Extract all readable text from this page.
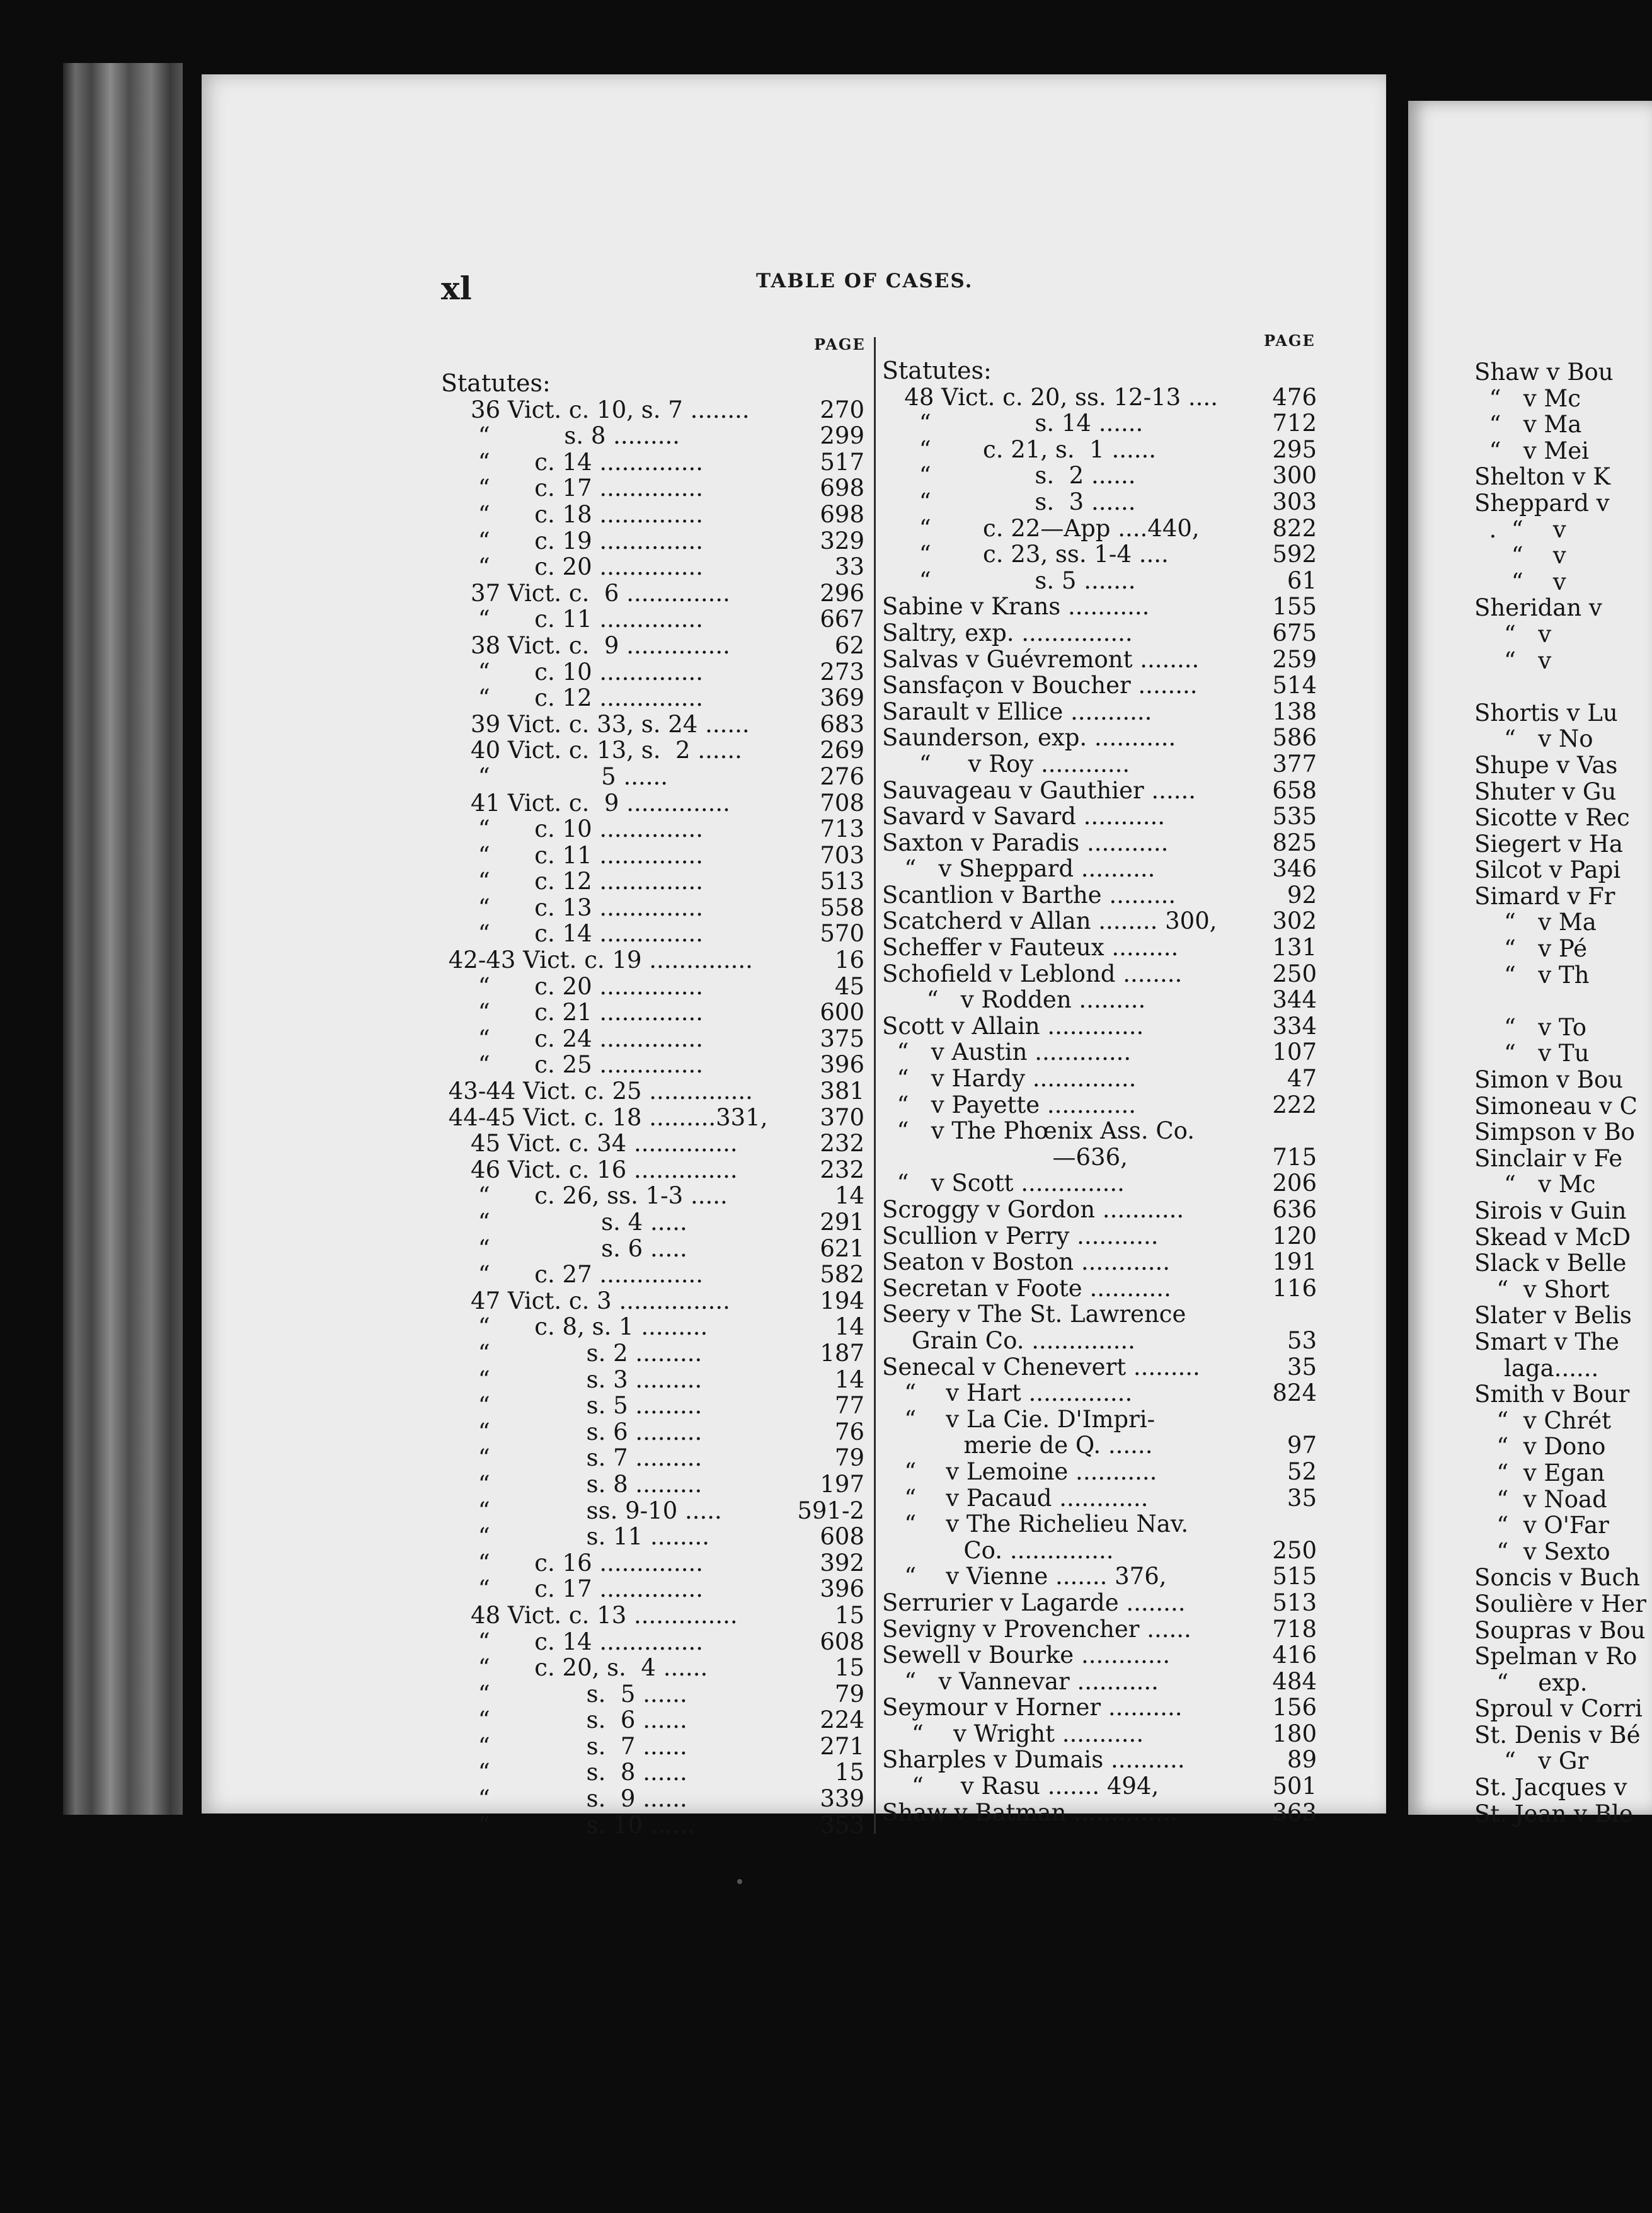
xl	TABLE OF CASES.
PAGE	PAGE
Statutes:
270
36 Vict. c. 10, s. 7 ........
299
“          s. 8 .........
517
“      c. 14 ..............
698
“      c. 17 ..............
698
“      c. 18 ..............
329
“      c. 19 ..............
33
“      c. 20 ..............
296
37 Vict. c.  6 ..............
667
“      c. 11 ..............
62
38 Vict. c.  9 ..............
273
“      c. 10 ..............
369
“      c. 12 ..............
683
39 Vict. c. 33, s. 24 ......
269
40 Vict. c. 13, s.  2 ......
276
“               5 ......
708
41 Vict. c.  9 ..............
713
“      c. 10 ..............
703
“      c. 11 ..............
513
“      c. 12 ..............
558
“      c. 13 ..............
570
“      c. 14 ..............
16
42-43 Vict. c. 19 ..............
45
“      c. 20 ..............
600
“      c. 21 ..............
375
“      c. 24 ..............
396
“      c. 25 ..............
381
43-44 Vict. c. 25 ..............
370
44-45 Vict. c. 18 .........331,
232
45 Vict. c. 34 ..............
232
46 Vict. c. 16 ..............
14
“      c. 26, ss. 1-3 .....
291
“               s. 4 .....
621
“               s. 6 .....
582
“      c. 27 ..............
194
47 Vict. c. 3 ...............
14
“      c. 8, s. 1 .........
187
“             s. 2 .........
14
“             s. 3 .........
77
“             s. 5 .........
76
“             s. 6 .........
79
“             s. 7 .........
197
“             s. 8 .........
591-2
“             ss. 9-10 .....
608
“             s. 11 ........
392
“      c. 16 ..............
396
“      c. 17 ..............
15
48 Vict. c. 13 ..............
608
“      c. 14 ..............
15
“      c. 20, s.  4 ......
79
“             s.  5 ......
224
“             s.  6 ......
271
“             s.  7 ......
15
“             s.  8 ......
339
“             s.  9 ......
353
“             s. 10 ......
Statutes:
476
48 Vict. c. 20, ss. 12-13 ....
712
“              s. 14 ......
295
“       c. 21, s.  1 ......
300
“              s.  2 ......
303
“              s.  3 ......
822
“       c. 22—App ....440,
592
“       c. 23, ss. 1-4 ....
61
“              s. 5 .......
155
Sabine v Krans ...........
675
Saltry, exp. ...............
259
Salvas v Guévremont ........
514
Sansfaçon v Boucher ........
138
Sarault v Ellice ...........
586
Saunderson, exp. ...........
377
“     v Roy ............
658
Sauvageau v Gauthier ......
535
Savard v Savard ...........
825
Saxton v Paradis ...........
346
“   v Sheppard ..........
92
Scantlion v Barthe .........
302
Scatcherd v Allan ........ 300,
131
Scheffer v Fauteux .........
250
Schofield v Leblond ........
344
“   v Rodden .........
334
Scott v Allain .............
107
“   v Austin .............
47
“   v Hardy ..............
222
“   v Payette ............
“   v The Phœnix Ass. Co.
715
—636,
206
“   v Scott ..............
636
Scroggy v Gordon ...........
120
Scullion v Perry ...........
191
Seaton v Boston ............
116
Secretan v Foote ...........
Seery v The St. Lawrence
53
Grain Co. ..............
35
Senecal v Chenevert .........
824
“    v Hart ..............
“    v La Cie. D'Impri-
97
merie de Q. ......
52
“    v Lemoine ...........
35
“    v Pacaud ............
“    v The Richelieu Nav.
250
Co. ..............
515
“    v Vienne ....... 376,
513
Serrurier v Lagarde ........
718
Sevigny v Provencher ......
416
Sewell v Bourke ............
484
“   v Vannevar ...........
156
Seymour v Horner ..........
180
“    v Wright ...........
89
Sharples v Dumais ..........
501
“     v Rasu ....... 494,
363
Shaw v Batman ..............
Shaw v Bou
“   v Mc
“   v Ma
“   v Mei
Shelton v K
Sheppard v
.  “    v
“    v
“    v
Sheridan v
“   v
“   v

Shortis v Lu
“   v No
Shupe v Vas
Shuter v Gu
Sicotte v Rec
Siegert v Ha
Silcot v Papi
Simard v Fr
“   v Ma
“   v Pé
“   v Th

“   v To
“   v Tu
Simon v Bou
Simoneau v C
Simpson v Bo
Sinclair v Fe
“   v Mc
Sirois v Guin
Skead v McD
Slack v Belle
“  v Short
Slater v Belis
Smart v The
laga......
Smith v Bour
“  v Chrét
“  v Dono
“  v Egan
“  v Noad
“  v O'Far
“  v Sexto
Soncis v Buch
Soulière v Her
Soupras v Bou
Spelman v Ro
“    exp.
Sproul v Corri
St. Denis v Bé
“   v Gr
St. Jacques v
St. Jean v Ble
